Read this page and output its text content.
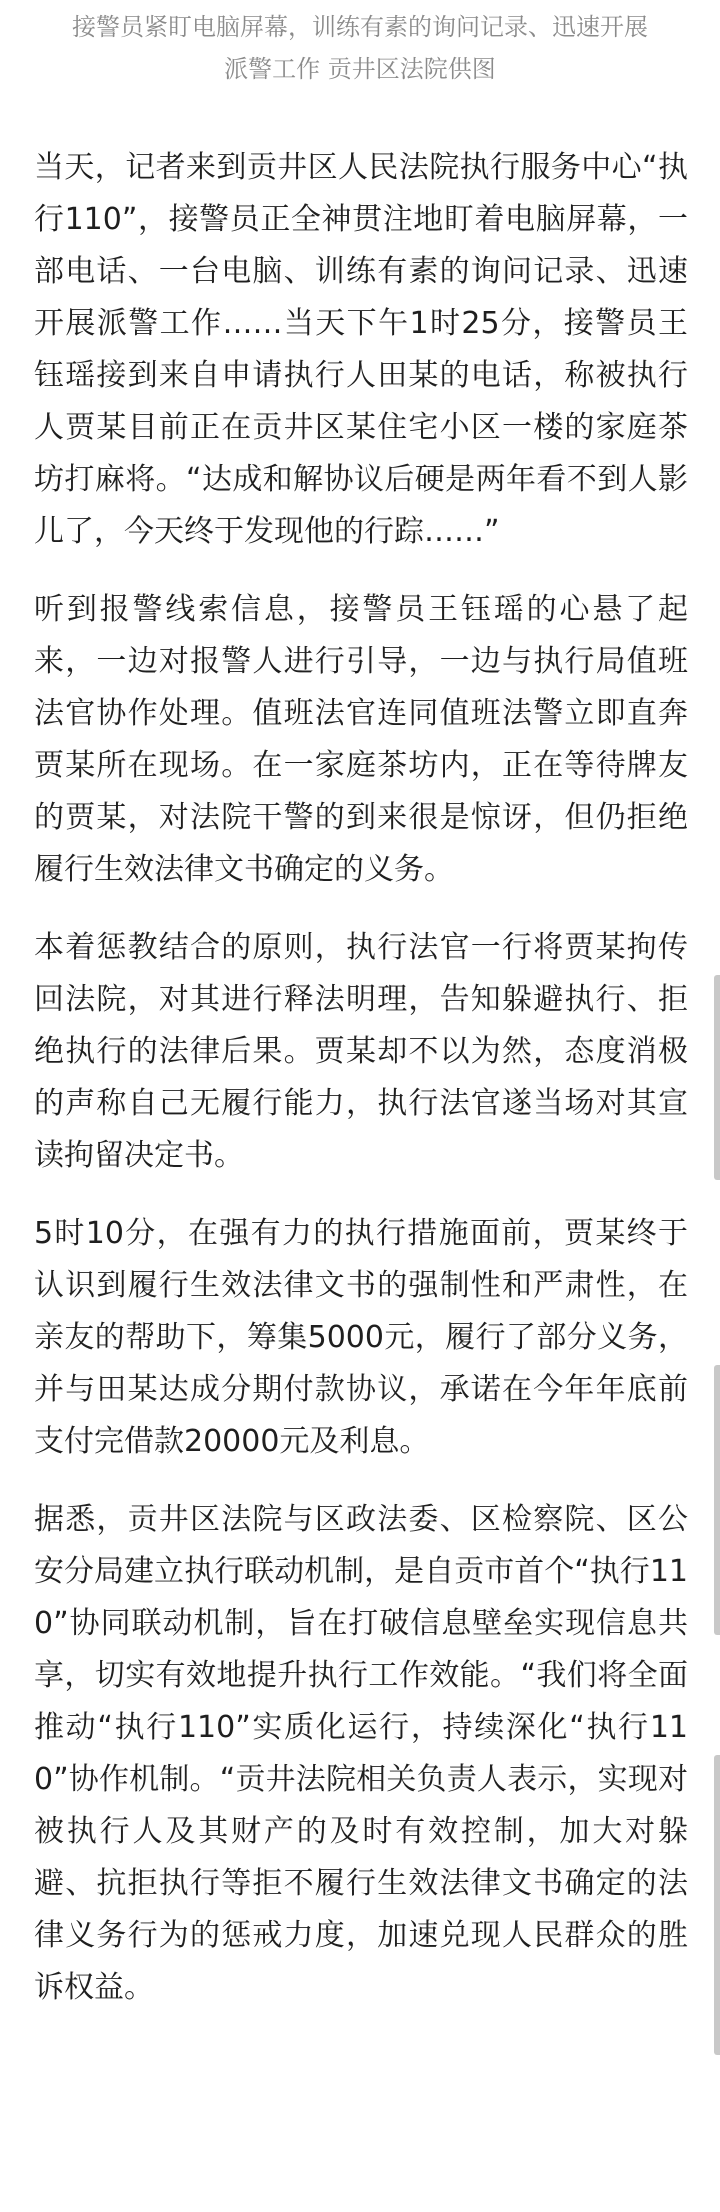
接警员紧盯电脑屏幕，训练有素的询问记录、迅速开展
派警工作 贡井区法院供图

当天，记者来到贡井区人民法院执行服务中心“执行110”，接警员正全神贯注地盯着电脑屏幕，一部电话、一台电脑、训练有素的询问记录、迅速开展派警工作……当天下午1时25分，接警员王钰瑶接到来自申请执行人田某的电话，称被执行人贾某目前正在贡井区某住宅小区一楼的家庭茶坊打麻将。“达成和解协议后硬是两年看不到人影儿了，今天终于发现他的行踪……”

听到报警线索信息，接警员王钰瑶的心悬了起来，一边对报警人进行引导，一边与执行局值班法官协作处理。值班法官连同值班法警立即直奔贾某所在现场。在一家庭茶坊内，正在等待牌友的贾某，对法院干警的到来很是惊讶，但仍拒绝履行生效法律文书确定的义务。

本着惩教结合的原则，执行法官一行将贾某拘传回法院，对其进行释法明理，告知躲避执行、拒绝执行的法律后果。贾某却不以为然，态度消极的声称自己无履行能力，执行法官遂当场对其宣读拘留决定书。

5时10分，在强有力的执行措施面前，贾某终于认识到履行生效法律文书的强制性和严肃性，在亲友的帮助下，筹集5000元，履行了部分义务，并与田某达成分期付款协议，承诺在今年年底前支付完借款20000元及利息。

据悉，贡井区法院与区政法委、区检察院、区公安分局建立执行联动机制，是自贡市首个“执行110”协同联动机制，旨在打破信息壁垒实现信息共享，切实有效地提升执行工作效能。“我们将全面推动“执行110”实质化运行，持续深化“执行110”协作机制。“贡井法院相关负责人表示，实现对被执行人及其财产的及时有效控制，加大对躲避、抗拒执行等拒不履行生效法律文书确定的法律义务行为的惩戒力度，加速兑现人民群众的胜诉权益。
